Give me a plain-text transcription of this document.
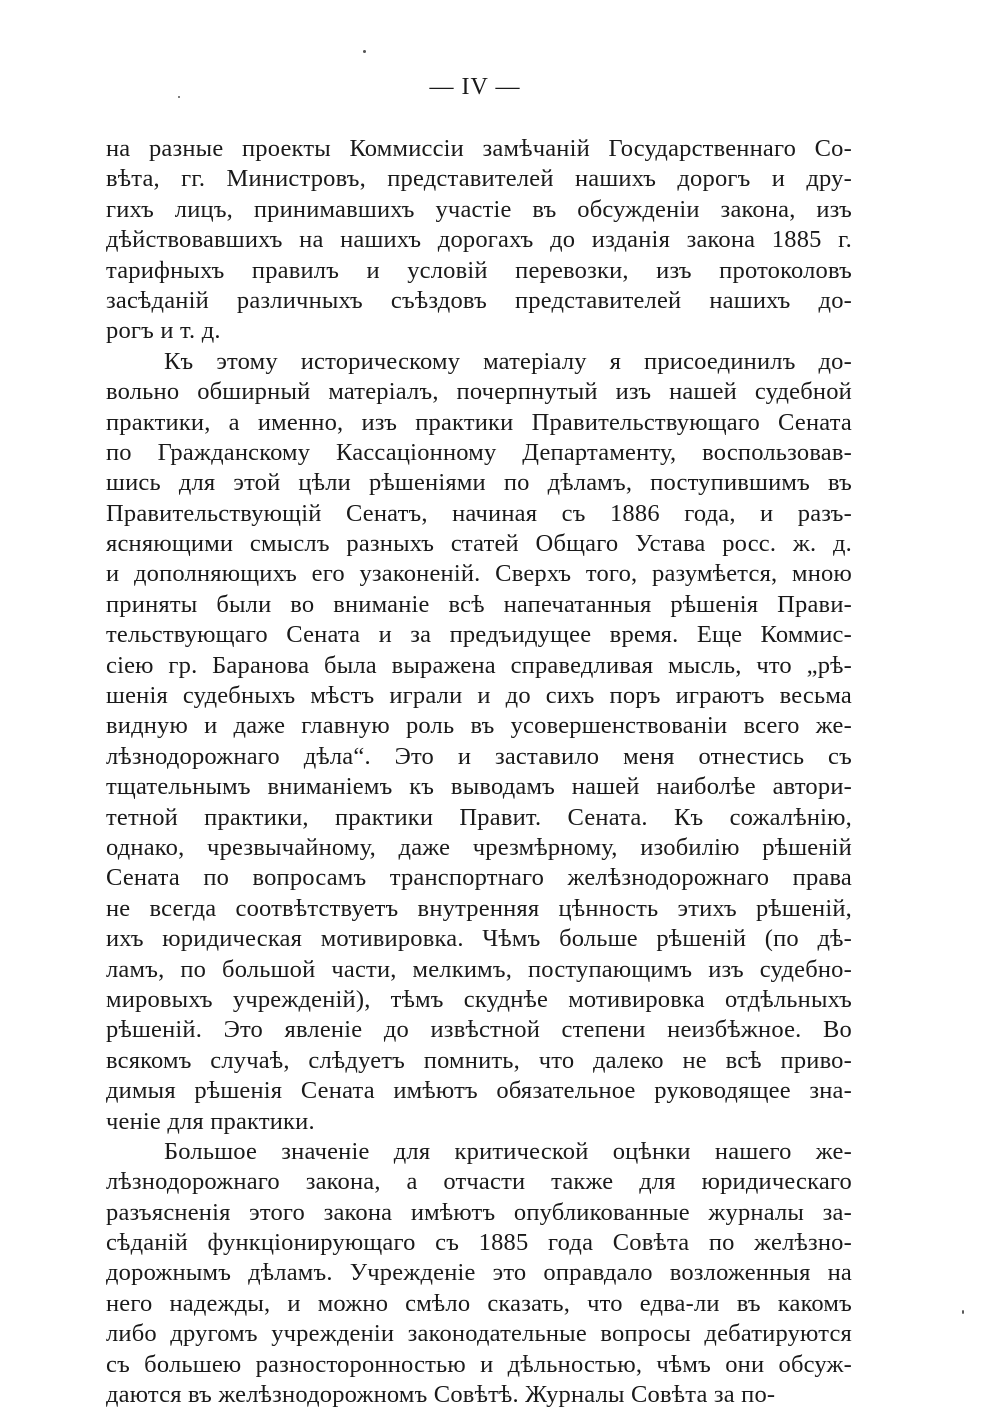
— IV —
на разные проекты Коммиссіи замѣчаній Государственнаго Со-
вѣта, гг. Министровъ, представителей нашихъ дорогъ и дру-
гихъ лицъ, принимавшихъ участіе въ обсужденіи закона, изъ
дѣйствовавшихъ на нашихъ дорогахъ до изданія закона 1885 г.
тарифныхъ правилъ и условій перевозки, изъ протоколовъ
засѣданій различныхъ съѣздовъ представителей нашихъ до-
рогъ и т. д.
Къ этому историческому матеріалу я присоединилъ до-
вольно обширный матеріалъ, почерпнутый изъ нашей судебной
практики, а именно, изъ практики Правительствующаго Сената
по Гражданскому Кассаціонному Департаменту, воспользовав-
шись для этой цѣли рѣшеніями по дѣламъ, поступившимъ въ
Правительствующій Сенатъ, начиная съ 1886 года, и разъ-
ясняющими смыслъ разныхъ статей Общаго Устава росс. ж. д.
и дополняющихъ его узаконеній. Сверхъ того, разумѣется, мною
приняты были во вниманіе всѣ напечатанныя рѣшенія Прави-
тельствующаго Сената и за предъидущее время. Еще Коммис-
сіею гр. Баранова была выражена справедливая мысль, что „рѣ-
шенія судебныхъ мѣстъ играли и до сихъ поръ играютъ весьма
видную и даже главную роль въ усовершенствованіи всего же-
лѣзнодорожнаго дѣла“. Это и заставило меня отнестись съ
тщательнымъ вниманіемъ къ выводамъ нашей наиболѣе автори-
тетной практики, практики Правит. Сената. Къ сожалѣнію,
однако, чрезвычайному, даже чрезмѣрному, изобилію рѣшеній
Сената по вопросамъ транспортнаго желѣзнодорожнаго права
не всегда соотвѣтствуетъ внутренняя цѣнность этихъ рѣшеній,
ихъ юридическая мотивировка. Чѣмъ больше рѣшеній (по дѣ-
ламъ, по большой части, мелкимъ, поступающимъ изъ судебно-
мировыхъ учрежденій), тѣмъ скуднѣе мотивировка отдѣльныхъ
рѣшеній. Это явленіе до извѣстной степени неизбѣжное. Во
всякомъ случаѣ, слѣдуетъ помнить, что далеко не всѣ приво-
димыя рѣшенія Сената имѣютъ обязательное руководящее зна-
ченіе для практики.
Большое значеніе для критической оцѣнки нашего же-
лѣзнодорожнаго закона, а отчасти также для юридическаго
разъясненія этого закона имѣютъ опубликованные журналы за-
сѣданій функціонирующаго съ 1885 года Совѣта по желѣзно-
дорожнымъ дѣламъ. Учрежденіе это оправдало возложенныя на
него надежды, и можно смѣло сказать, что едва-ли въ какомъ
либо другомъ учрежденіи законодательные вопросы дебатируются
съ большею разносторонностью и дѣльностью, чѣмъ они обсуж-
даются въ желѣзнодорожномъ Совѣтѣ. Журналы Совѣта за по-
